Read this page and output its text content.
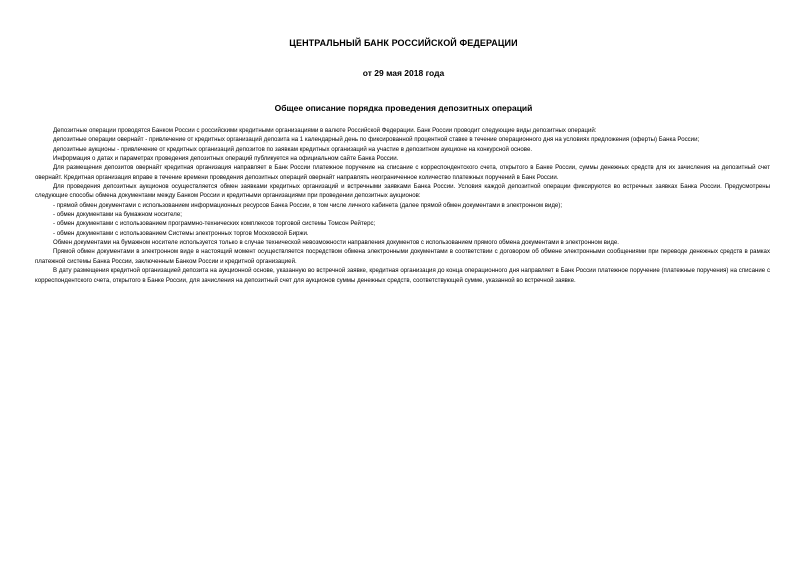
ЦЕНТРАЛЬНЫЙ БАНК РОССИЙСКОЙ ФЕДЕРАЦИИ
от 29 мая 2018 года
Общее описание порядка проведения депозитных операций

Депозитные операции проводятся Банком России с российскими кредитными организациями в валюте Российской Федерации. Банк России проводит следующие виды депозитных операций:

депозитные операции овернайт - привлечение от кредитных организаций депозита на 1 календарный день по фиксированной процентной ставке в течение операционного дня на условиях предложения (оферты) Банка России;

депозитные аукционы - привлечение от кредитных организаций депозитов по заявкам кредитных организаций на участие в депозитном аукционе на конкурсной основе.

Информация о датах и параметрах проведения депозитных операций публикуется на официальном сайте Банка России.

Для размещения депозитов овернайт кредитная организация направляет в Банк России платежное поручение на списание с корреспондентского счета, открытого в Банке России, суммы денежных средств для их зачисления на депозитный счет овернайт. Кредитная организация вправе в течение времени проведения депозитных операций овернайт направлять неограниченное количество платежных поручений в Банк России.

Для проведения депозитных аукционов осуществляется обмен заявками кредитных организаций и встречными заявками Банка России. Условия каждой депозитной операции фиксируются во встречных заявках Банка России. Предусмотрены следующие способы обмена документами между Банком России и кредитными организациями при проведении депозитных аукционов:

- прямой обмен документами с использованием информационных ресурсов Банка России, в том числе личного кабинета (далее прямой обмен документами в электронном виде);

- обмен документами на бумажном носителе;

- обмен документами с использованием программно-технических комплексов торговой системы Томсон Рейтерс;

- обмен документами с использованием Системы электронных торгов Московской Биржи.

Обмен документами на бумажном носителе используется только в случае технической невозможности направления документов с использованием прямого обмена документами в электронном виде.

Прямой обмен документами в электронном виде в настоящий момент осуществляется посредством обмена электронными документами в соответствии с договором об обмене электронными сообщениями при переводе денежных средств в рамках платежной системы Банка России, заключенным Банком России и кредитной организацией.

В дату размещения кредитной организацией депозита на аукционной основе, указанную во встречной заявке, кредитная организация до конца операционного дня направляет в Банк России платежное поручение (платежные поручения) на списание с корреспондентского счета, открытого в Банке России, для зачисления на депозитный счет для аукционов суммы денежных средств, соответствующей сумме, указанной во встречной заявке.
